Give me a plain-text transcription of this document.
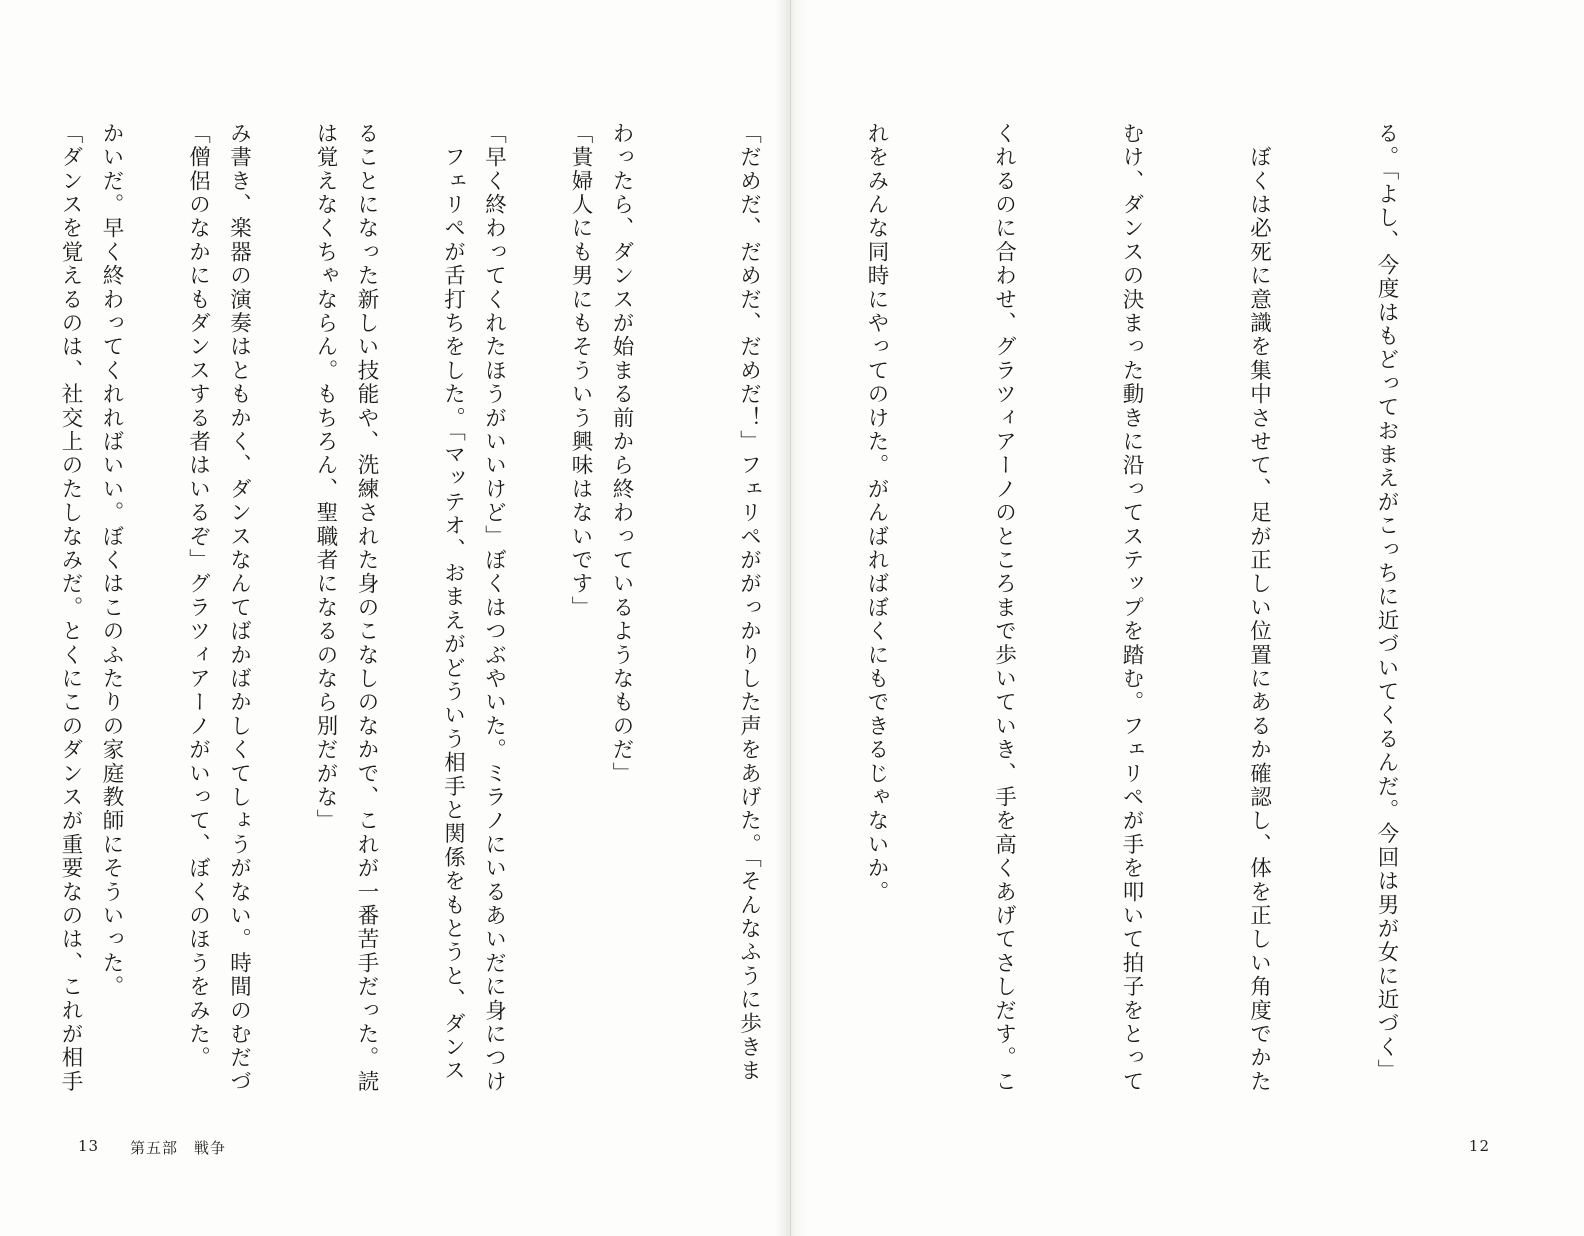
「貴婦人にも男にもそういう興味はないです」

　フェリペが舌打ちをした。「マッテオ、おまえがどういう相手と関係をもとうと、ダンス

は覚えなくちゃならん。もちろん、聖職者になるのなら別だがな」

「僧侶のなかにもダンスする者はいるぞ」グラツィアーノがいって、ぼくのほうをみた。

「ダンスを覚えるのは、社交上のたしなみだ。とくにこのダンスが重要なのは、これが相手

13 第五部　戦争

る。「よし、今度はもどっておまえがこっちに近づいてくるんだ。今回は男が女に近づく」

　ぼくは必死に意識を集中させて、足が正しい位置にあるか確認し、体を正しい角度でかた

むけ、ダンスの決まった動きに沿ってステップを踏む。フェリペが手を叩いて拍子をとって

くれるのに合わせ、グラツィアーノのところまで歩いていき、手を高くあげてさしだす。こ

れをみんな同時にやってのけた。がんばればぼくにもできるじゃないか。

「だめだ、だめだ、だめだ！」フェリペががっかりした声をあげた。「そんなふうに歩きま

わったら、ダンスが始まる前から終わっているようなものだ」

「早く終わってくれたほうがいいけど」ぼくはつぶやいた。ミラノにいるあいだに身につけ

ることになった新しい技能や、洗練された身のこなしのなかで、これが一番苦手だった。読

み書き、楽器の演奏はともかく、ダンスなんてばかばかしくてしょうがない。時間のむだづ

かいだ。早く終わってくれればいい。ぼくはこのふたりの家庭教師にそういった。

12
